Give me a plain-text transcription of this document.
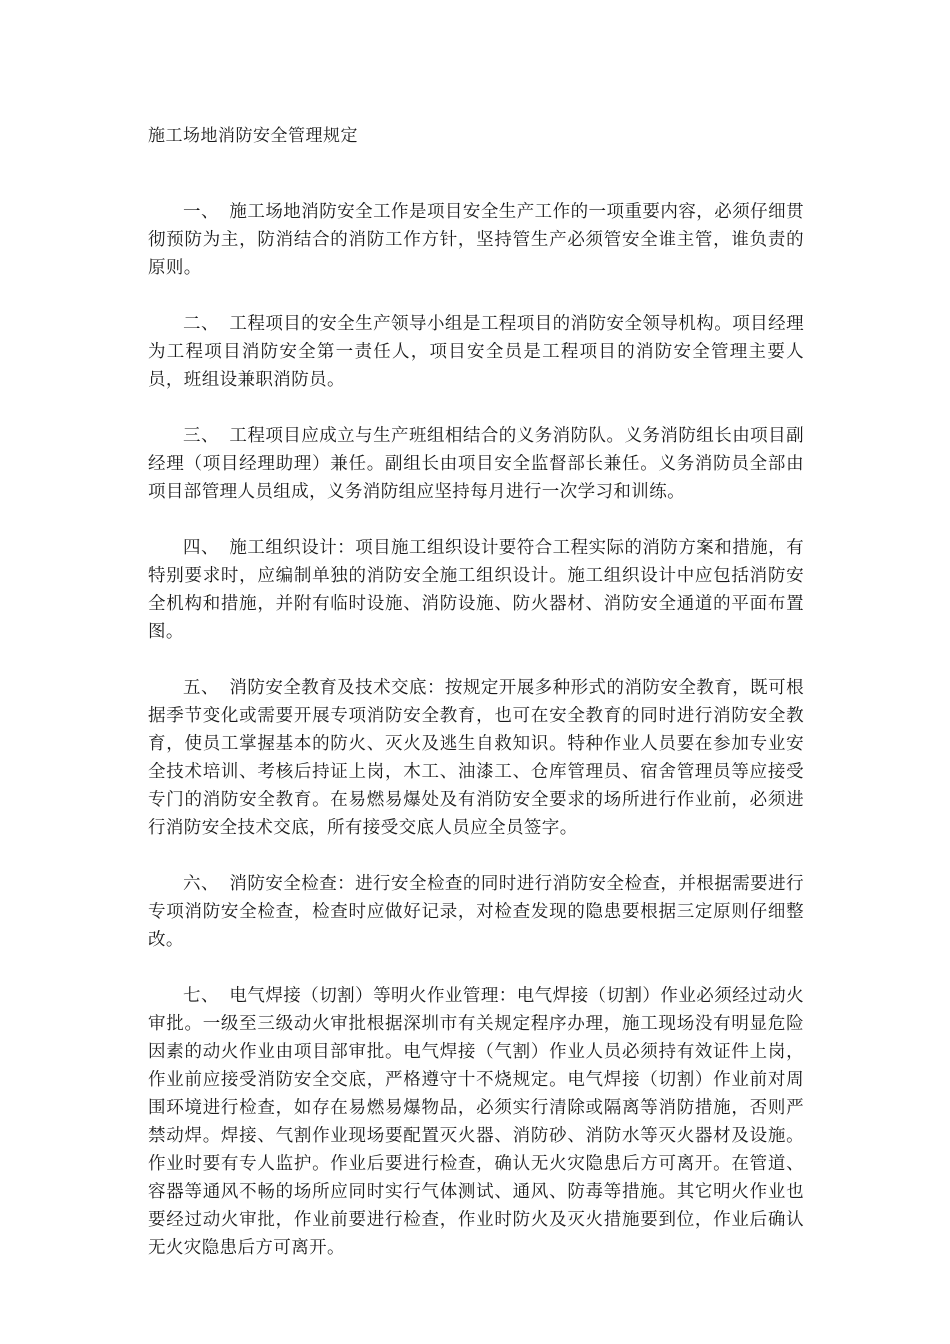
施工场地消防安全管理规定

一、 施工场地消防安全工作是项目安全生产工作的一项重要内容，必须仔细贯彻预防为主，防消结合的消防工作方针，坚持管生产必须管安全谁主管，谁负责的原则。

二、 工程项目的安全生产领导小组是工程项目的消防安全领导机构。项目经理为工程项目消防安全第一责任人，项目安全员是工程项目的消防安全管理主要人员，班组设兼职消防员。

三、 工程项目应成立与生产班组相结合的义务消防队。义务消防组长由项目副经理（项目经理助理）兼任。副组长由项目安全监督部长兼任。义务消防员全部由项目部管理人员组成，义务消防组应坚持每月进行一次学习和训练。

四、 施工组织设计：项目施工组织设计要符合工程实际的消防方案和措施，有特别要求时，应编制单独的消防安全施工组织设计。施工组织设计中应包括消防安全机构和措施，并附有临时设施、消防设施、防火器材、消防安全通道的平面布置图。

五、 消防安全教育及技术交底：按规定开展多种形式的消防安全教育，既可根据季节变化或需要开展专项消防安全教育，也可在安全教育的同时进行消防安全教育，使员工掌握基本的防火、灭火及逃生自救知识。特种作业人员要在参加专业安全技术培训、考核后持证上岗，木工、油漆工、仓库管理员、宿舍管理员等应接受专门的消防安全教育。在易燃易爆处及有消防安全要求的场所进行作业前，必须进行消防安全技术交底，所有接受交底人员应全员签字。

六、 消防安全检查：进行安全检查的同时进行消防安全检查，并根据需要进行专项消防安全检查，检查时应做好记录，对检查发现的隐患要根据三定原则仔细整改。

七、 电气焊接（切割）等明火作业管理：电气焊接（切割）作业必须经过动火审批。一级至三级动火审批根据深圳市有关规定程序办理，施工现场没有明显危险因素的动火作业由项目部审批。电气焊接（气割）作业人员必须持有效证件上岗，作业前应接受消防安全交底，严格遵守十不烧规定。电气焊接（切割）作业前对周围环境进行检查，如存在易燃易爆物品，必须实行清除或隔离等消防措施，否则严禁动焊。焊接、气割作业现场要配置灭火器、消防砂、消防水等灭火器材及设施。作业时要有专人监护。作业后要进行检查，确认无火灾隐患后方可离开。在管道、容器等通风不畅的场所应同时实行气体测试、通风、防毒等措施。其它明火作业也要经过动火审批，作业前要进行检查，作业时防火及灭火措施要到位，作业后确认无火灾隐患后方可离开。
